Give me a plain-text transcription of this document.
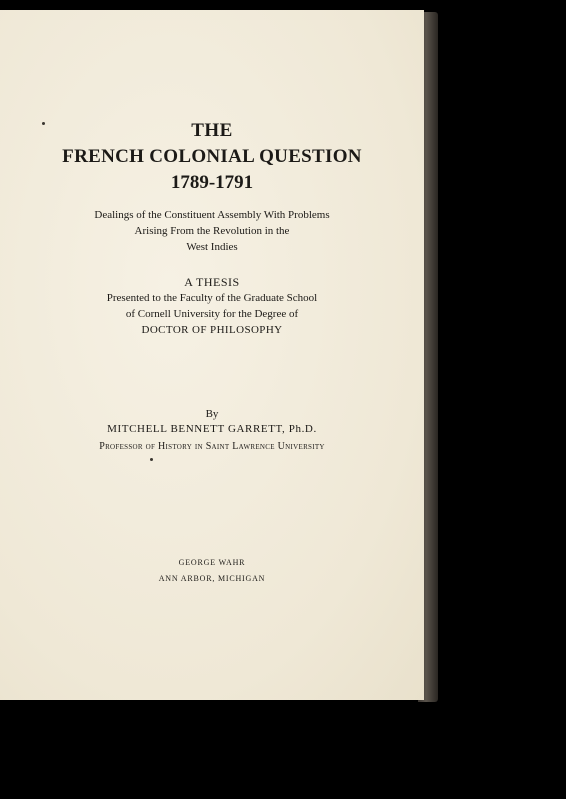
THE
FRENCH COLONIAL QUESTION
1789-1791
Dealings of the Constituent Assembly With Problems
Arising From the Revolution in the
West Indies
A THESIS
Presented to the Faculty of the Graduate School
of Cornell University for the Degree of
DOCTOR OF PHILOSOPHY
By
MITCHELL BENNETT GARRETT, Ph.D.
Professor of History in Saint Lawrence University
GEORGE WAHR
ANN ARBOR, MICHIGAN
